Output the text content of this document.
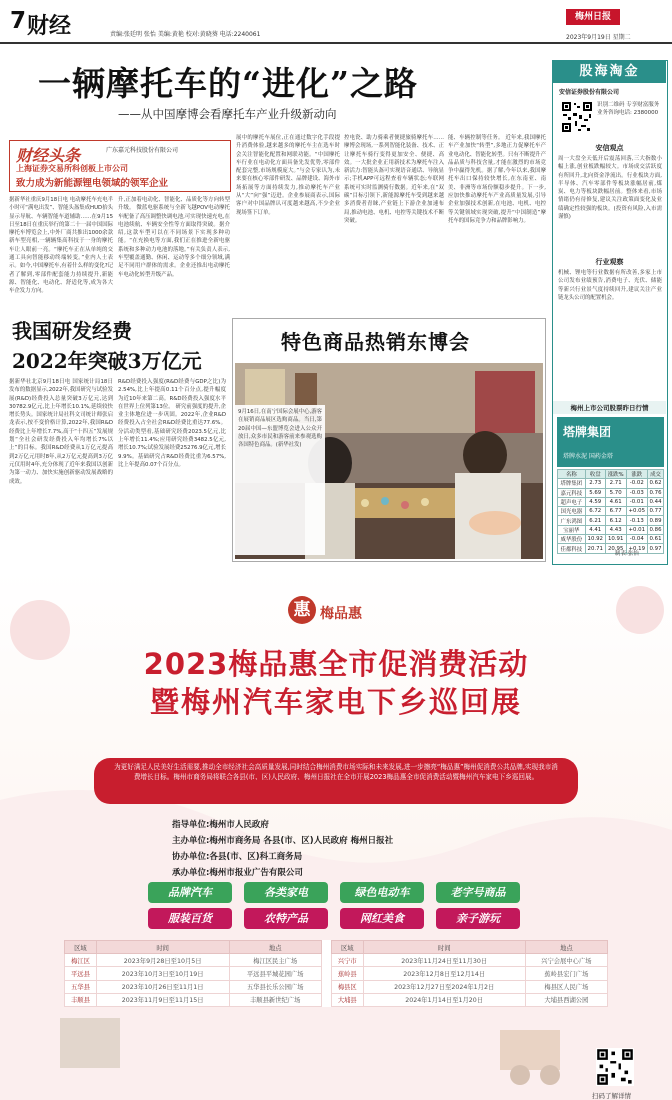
7 财经	责编:张廷明 张怡 美编:黄艳 校对:黄晓葵 电话:2240061
梅州日报
2023年9月19日 星期二
一辆摩托车的“进化”之路
——从中国摩博会看摩托车产业升级新动向
财经头条	广东嘉元科技股份有限公司
上海证券交易所科创板上市公司
致力成为新能源锂电领域的领军企业
据新华社重庆9月18日电 电动摩托车充电半小时可“满电出发”、智能头盔集成HUD抬头显示导航、车辆智能车道辅助……在9月15日至18日在重庆举行的第二十一届中国国际摩托车博览会上,中外厂商共推出1000余款新车型亮相,一辆辆集高科技于一身的摩托车让人眼前一亮。“摩托车正在从单纯的交通工具向智能移动终端转变。”业内人士表示。如今,中国摩托车,有着什么样的变化?记者了解到,零部件配套能力持续提升,新能源、智能化、电动化、舒适化等,成为各大车企发力方向。
升,正加着电动化、智能化、品质化等方向转型升级。 微蓝电驱系统与全新飞越POV电动摩托车配备了高压调整快调电池,可实现快速充电,在电池续航、车辆安全性等方面取得突破。据介绍,这款车型可以在不同场景下实现多种功能。“在充换电等方面,我们正在推进全新电驱系统和多种动力电池的落地。”有关负责人表示,车型覆盖通勤、休闲、运动等多个细分领域,满足不同用户群体的需求。企业还推出电动摩托车电动化转型升级产品。
展中的摩托车展位,正在通过数字化手段提升消费体验,越来越多的摩托车主在选车时会关注智能化配置和网联功能。“中国摩托车行业在电动化方面具备先发优势,零部件配套完整,市场规模庞大。”与会专家认为,未来要在核心零部件研发、品牌建设、海外市场拓展等方面持续发力,推动摩托车产业从“大”向“强”迈进。企业参展商表示,国际客户对中国品牌认可度越来越高,不少企业现场签下订单。
控电瓷、助力骑乘者便捷旅骑摩托车……摩博会现场,一系列智能化装备、技术、正让摩托车骑行变得更加安全、便捷、高效。一大批企业正用新技术为摩托车注入新活力:智能头盔可实现语音通话、导航显示;手机APP可远程查看车辆状态;车联网系统可实时监测骑行数据。近年来,在“双碳”目标引领下,新能源摩托车受到越来越多消费者青睐,产业链上下游企业加速布局,推动电池、电机、电控等关键技术不断突破。
能、车辆控制等任务。 近年来,我国摩托车产业加快“转型”,多地正力促摩托车产业电动化、智能化转型。只有不断提升产品品质与科技含量,才能在激烈的市场竞争中赢得先机。据了解,今年以来,我国摩托车出口保持较快增长,在东南亚、南美、非洲等市场份额稳步提升。下一步,应加快推动摩托车产业高质量发展,引导企业加强技术创新,在电池、电机、电控等关键领域实现突破,提升“中国制造”摩托车的国际竞争力和品牌影响力。
股海淘金
安信证券股份有限公司
识别二维码 专享财富服务 业务咨询电话: 2380000
安信观点
周一大盘全天低开后震荡回落,三大指数小幅上涨,创业板跌幅较大。市场成交活跃度有所回升,北向资金净流出。行业板块方面,半导体、汽车零部件等板块涨幅居前,煤炭、电力等板块跌幅居前。整体来看,市场情绪仍有待修复,建议关注政策面变化及业绩确定性较强的板块。(投资有风险,入市需谨慎)
行业观察
机械、锂电等行业数据有所改善,多家上市公司发布业绩预告,消费电子、光伏、储能等新兴行业景气度持续回升,建议关注产业链龙头公司的配置机会。
梅州上市公司股票昨日行情
塔牌集团
塔牌水泥 国药金塔
名称	收盘	涨跌%	涨跌	成交
塔牌集团	2.73	2.71	-0.02	0.62
嘉元科技	5.69	5.70	-0.03	0.76
超声电子	4.59	4.61	-0.01	0.44
国光电器	6.72	6.77	+0.05	0.77
广东鸿图	6.21	6.12	-0.13	0.89
宝丽华	4.41	4.43	+0.01	0.86
威华股份	10.92	10.91	-0.04	0.61
佳都科技	20.71	20.95	+0.19	0.97
制表:张怡
我国研发经费
2022年突破3万亿元
据新华社北京9月18日电 国家统计局18日发布的数据显示,2022年,我国研究与试验发展(R&D)经费投入总量突破3万亿元,达到30782.9亿元,比上年增长10.1%,延续较快增长势头。国家统计局社科文司统计师张启龙表示,按不变价格计算,2022年,我国R&D经费比上年增长7.7%,高于“十四五”发展规划“全社会研发经费投入年均增长7%以上”的目标。我国R&D经费从1万亿元提高到2万亿元用时8年,从2万亿元提高到3万亿元仅用时4年,充分体现了近年来我国以创新为第一动力、加快实施创新驱动发展战略的成效。
R&D经费投入强度(R&D经费与GDP之比)为2.54%,比上年提高0.11个百分点,提升幅度为近10年来第二高。R&D经费投入强度水平在世界上位列第13位。 研究前强度的提升,企业主体地位进一步巩固。2022年,企业R&D经费投入占全社会R&D经费比重达77.6%。分活动类型看,基础研究经费2023.5亿元,比上年增长11.4%;应用研究经费3482.5亿元,增长10.7%;试验发展经费25276.9亿元,增长9.9%。基础研究占R&D经费比重为6.57%,比上年提高0.07个百分点。
特色商品热销东博会
9月16日,在南宁国际会展中心,游客在展销商品展区选购商品。当日,第20届中国—东盟博览会进入公众开放日,众多市民和游客前来参观选购各国特色商品。(新华社发)
惠 梅品惠
2023梅品惠全市促消费活动
暨梅州汽车家电下乡巡回展
为更好满足人民美好生活需要,推动全市经济社会高质量发展,同时结合梅州消费市场实际和未来发展,进一步擦亮“梅品惠”梅州促消费公共品牌,实现我市消费增长目标。梅州市商务局将联合各县(市、区)人民政府、梅州日报社在全市开展2023梅品惠全市促消费活动暨梅州汽车家电下乡巡回展。
指导单位:梅州市人民政府
主办单位:梅州市商务局 各县(市、区)人民政府 梅州日报社
协办单位:各县(市、区)科工商务局
承办单位:梅州市报业广告有限公司
品牌汽车	各类家电	绿色电动车	老字号商品
服装百货	农特产品	网红美食	亲子游玩
区域	时间	地点		区域	时间	地点
梅江区	2023年9月28日至10月5日	梅江区民主广场		兴宁市	2023年11月24日至11月30日	兴宁会展中心广场
平远县	2023年10月3日至10月19日	平远县平城花园广场		蕉岭县	2023年12月8日至12月14日	蕉岭县宏门广场
五华县	2023年10月26日至11月1日	五华县长乐公园广场		梅县区	2023年12月27日至2024年1月2日	梅县区人民广场
丰顺县	2023年11月9日至11月15日	丰顺县新世纪广场		大埔县	2024年1月14日至1月20日	大埔县西湖公园
扫码了解详情
